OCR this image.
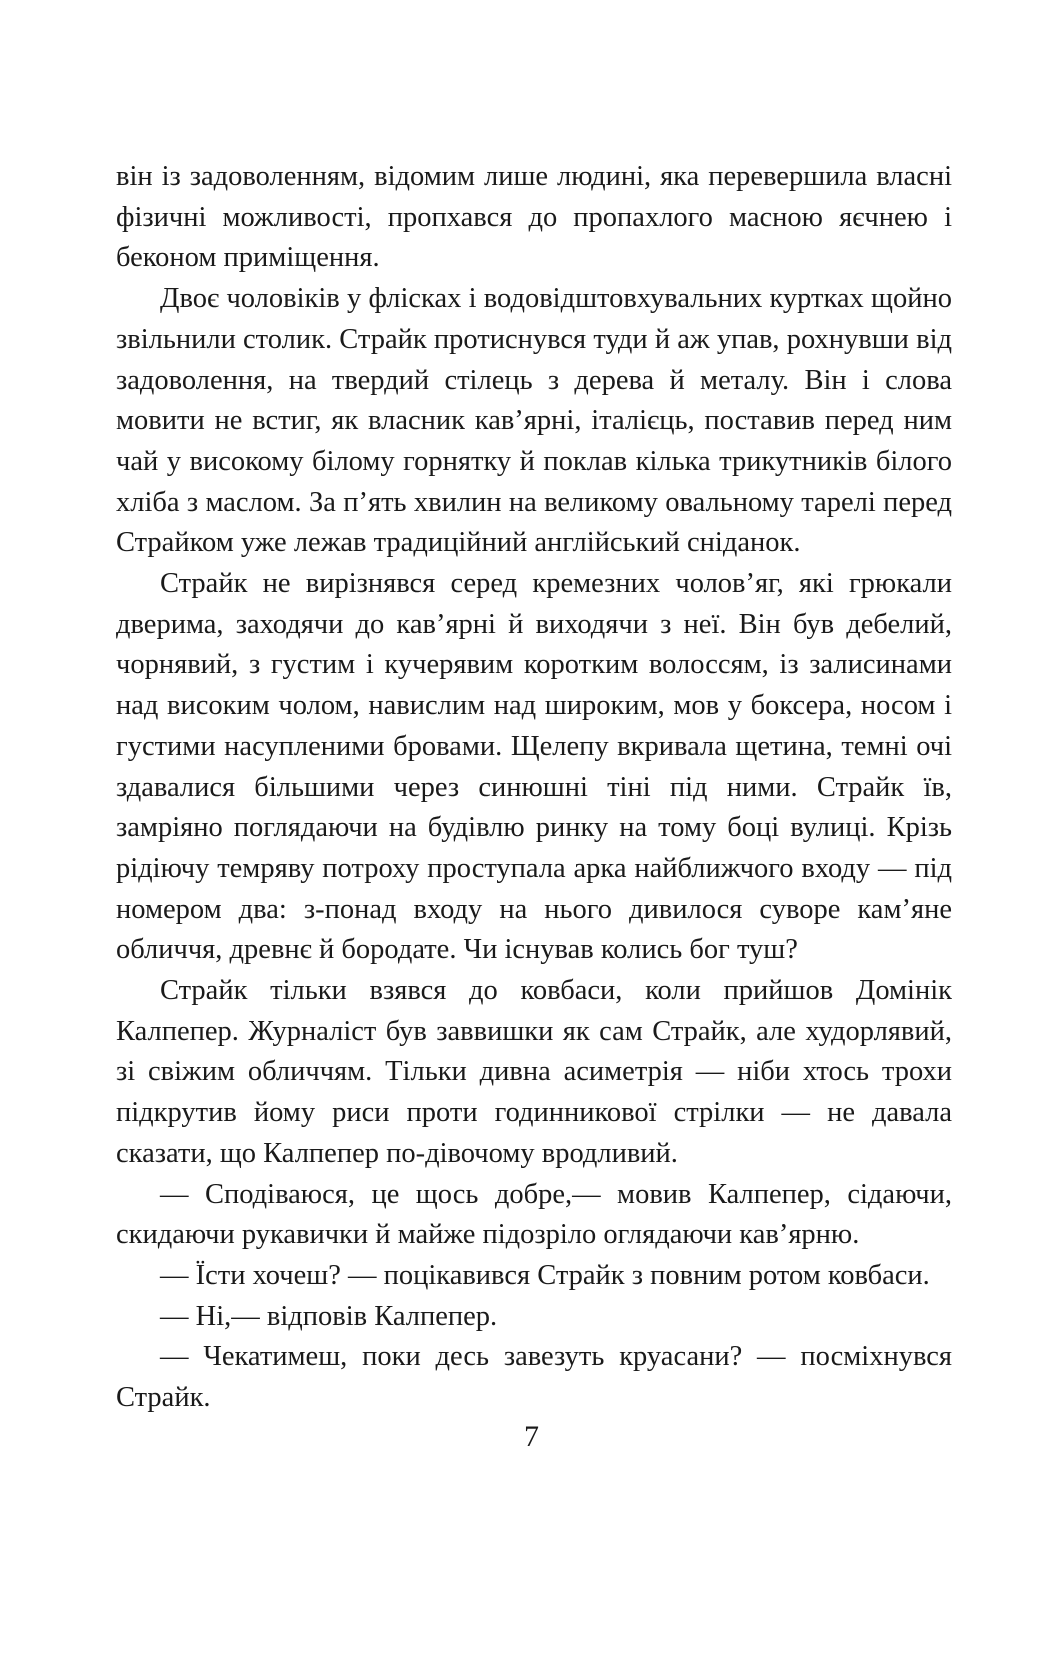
він із задоволенням, відомим лише людині, яка перевершила власні фізичні можливості, пропхався до пропахлого масною яєчнею і беконом приміщення.

Двоє чоловіків у фліcках і водовідштовхувальних куртках щойно звільнили столик. Страйк протиснувся туди й аж упав, рохнувши від задоволення, на твердий стілець з дерева й металу. Він і слова мовити не встиг, як власник кав’ярні, італієць, поставив перед ним чай у високому білому горнятку й поклав кілька трикутників білого хліба з маслом. За п’ять хвилин на великому овальному тарелі перед Страйком уже лежав традиційний англійський сніданок.

Страйк не вирізнявся серед кремезних чолов’яг, які грюкали дверима, заходячи до кав’ярні й виходячи з неї. Він був дебелий, чорнявий, з густим і кучерявим коротким волоссям, із залисинами над високим чолом, навислим над широким, мов у боксера, носом і густими насупленими бровами. Щелепу вкривала щетина, темні очі здавалися більшими через синюшні тіні під ними. Страйк їв, замріяно поглядаючи на будівлю ринку на тому боці вулиці. Крізь рідіючу темряву потроху проступала арка найближчого входу — під номером два: з-понад входу на нього дивилося суворе кам’яне обличчя, древнє й бородате. Чи існував колись бог туш?

Страйк тільки взявся до ковбаси, коли прийшов Домінік Калпепер. Журналіст був заввишки як сам Страйк, але худорлявий, зі свіжим обличчям. Тільки дивна асиметрія — ніби хтось трохи підкрутив йому риси проти годинникової стрілки — не давала сказати, що Калпепер по-дівочому вродливий.

— Сподіваюся, це щось добре,— мовив Калпепер, сідаючи, скидаючи рукавички й майже підозріло оглядаючи кав’ярню.

— Їсти хочеш? — поцікавився Страйк з повним ротом ковбаси.

— Ні,— відповів Калпепер.

— Чекатимеш, поки десь завезуть круасани? — посміхнувся Страйк.

7
